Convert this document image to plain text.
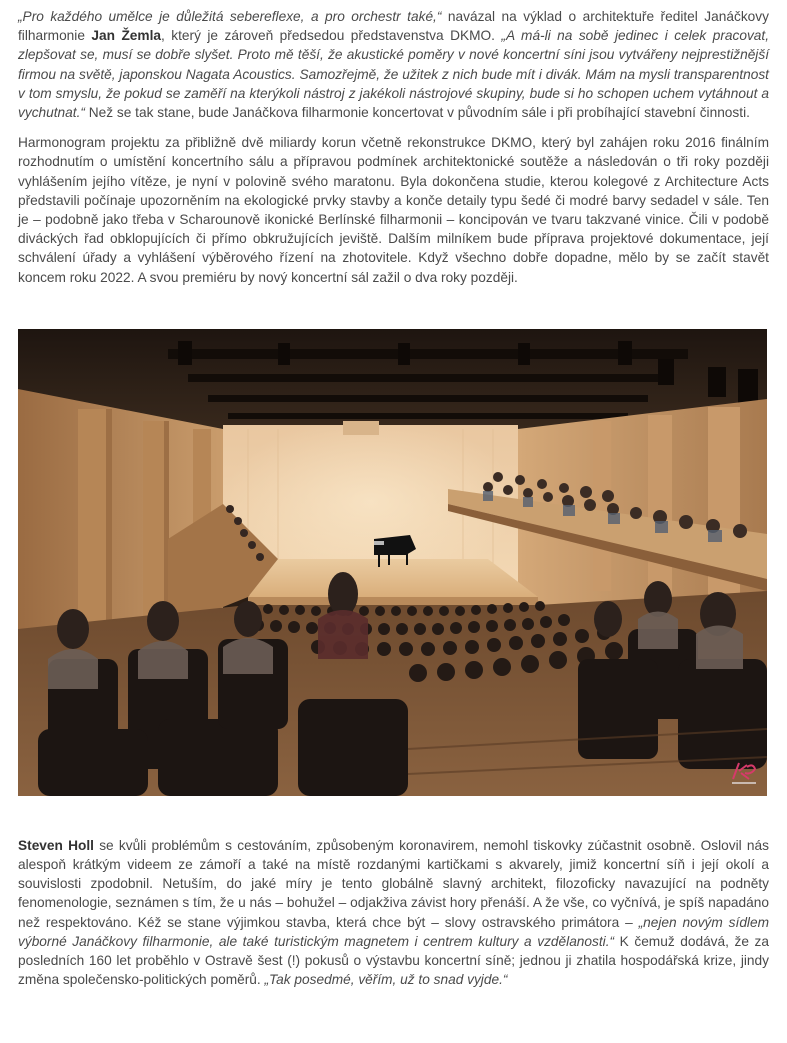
„Pro každého umělce je důležitá sebereflexe, a pro orchestr také,“ navázal na výklad o architektuře ředitel Janáčkovy filharmonie Jan Žemla, který je zároveň předsedou představenstva DKMO. „A má-li na sobě jedinec i celek pracovat, zlepšovat se, musí se dobře slyšet. Proto mě těší, že akustické poměry v nové koncertní síni jsou vytvářeny nejprestižnější firmou na světě, japonskou Nagata Acoustics. Samozřejmě, že užitek z nich bude mít i divák. Mám na mysli transparentnost v tom smyslu, že pokud se zaměří na kterýkoli nástroj z jakékoli nástrojové skupiny, bude si ho schopen uchem vytáhnout a vychutnat.“ Než se tak stane, bude Janáčkova filharmonie koncertovat v původním sále i při probíhající stavební činnosti.

Harmonogram projektu za přibližně dvě miliardy korun včetně rekonstrukce DKMO, který byl zahájen roku 2016 finálním rozhodnutím o umístění koncertního sálu a přípravou podmínek architektonické soutěže a následován o tři roky později vyhlášením jejího vítěze, je nyní v polovině svého maratonu. Byla dokončena studie, kterou kolegové z Architecture Acts představili počínaje upozorněním na ekologické prvky stavby a konče detaily typu šedé či modré barvy sedadel v sále. Ten je – podobně jako třeba v Scharounově ikonické Berlínské filharmonii – koncipován ve tvaru takzvané vinice. Čili v podobě diváckých řad obklopujících či přímo obkružujících jeviště. Dalším milníkem bude příprava projektové dokumentace, její schválení úřady a vyhlášení výběrového řízení na zhotovitele. Když všechno dobře dopadne, mělo by se začít stavět koncem roku 2022. A svou premiéru by nový koncertní sál zažil o dva roky později.

Steven Holl se kvůli problémům s cestováním, způsobeným koronavirem, nemohl tiskovky zúčastnit osobně. Oslovil nás alespoň krátkým videem ze zámoří a také na místě rozdanými kartičkami s akvarely, jimiž koncertní síň i její okolí a souvislosti zpodobnil. Netuším, do jaké míry je tento globálně slavný architekt, filozoficky navazující na podněty fenomenologie, seznámen s tím, že u nás – bohužel – odjakživa závist hory přenáší. A že vše, co vyčnívá, je spíš napadáno než respektováno. Kéž se stane výjimkou stavba, která chce být – slovy ostravského primátora – „nejen novým sídlem výborné Janáčkovy filharmonie, ale také turistickým magnetem i centrem kultury a vzdělanosti.“ K čemuž dodává, že za posledních 160 let proběhlo v Ostravě šest (!) pokusů o výstavbu koncertní síně; jednou ji zhatila hospodářská krize, jindy změna společensko-politických poměrů. „Tak posedmé, věřím, už to snad vyjde.“
